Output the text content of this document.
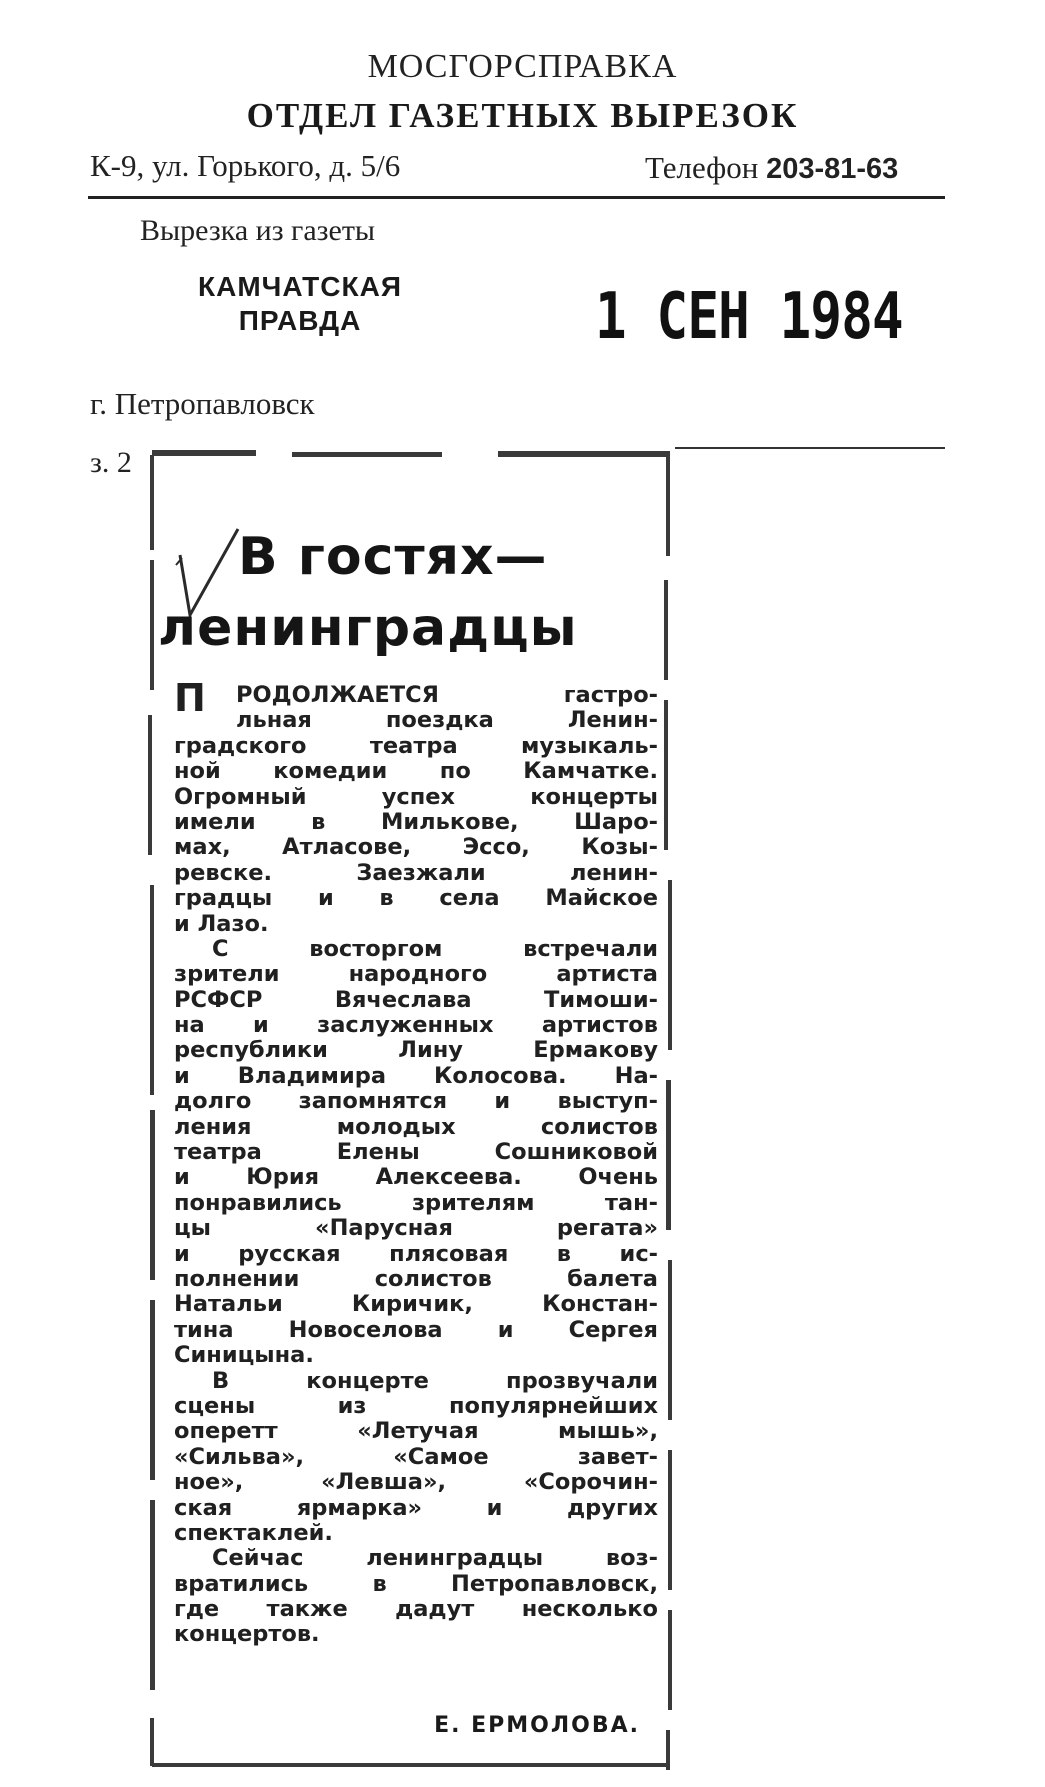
МОСГОРСПРАВКА
ОТДЕЛ ГАЗЕТНЫХ ВЫРЕЗОК
К-9, ул. Горького, д. 5/6	Телефон 203-81-63
Вырезка из газеты
КАМЧАТСКАЯ
ПРАВДА	1 СЕН 1984
г. Петропавловск
з. 2
В гостях—
ленинградцы
П	РОДОЛЖАЕТСЯ гастро-
льная поездка Ленин-
градского театра музыкаль-
ной комедии по Камчатке.
Огромный успех концерты
имели в Милькове, Шаро-
мах, Атласове, Эссо, Козы-
ревске. Заезжали ленин-
градцы и в села Майское
и Лазо.
С восторгом встречали
зрители народного артиста
РСФСР Вячеслава Тимоши-
на и заслуженных артистов
республики Лину Ермакову
и Владимира Колосова. На-
долго запомнятся и выступ-
ления молодых солистов
театра Елены Сошниковой
и Юрия Алексеева. Очень
понравились зрителям тан-
цы «Парусная регата»
и русская плясовая в ис-
полнении солистов балета
Натальи Киричик, Констан-
тина Новоселова и Сергея
Синицына.
В концерте прозвучали
сцены из популярнейших
оперетт «Летучая мышь»,
«Сильва», «Самое завет-
ное», «Левша», «Сорочин-
ская ярмарка» и других
спектаклей.
Сейчас ленинградцы воз-
вратились в Петропавловск,
где также дадут несколько
концертов.
Е. ЕРМОЛОВА.
